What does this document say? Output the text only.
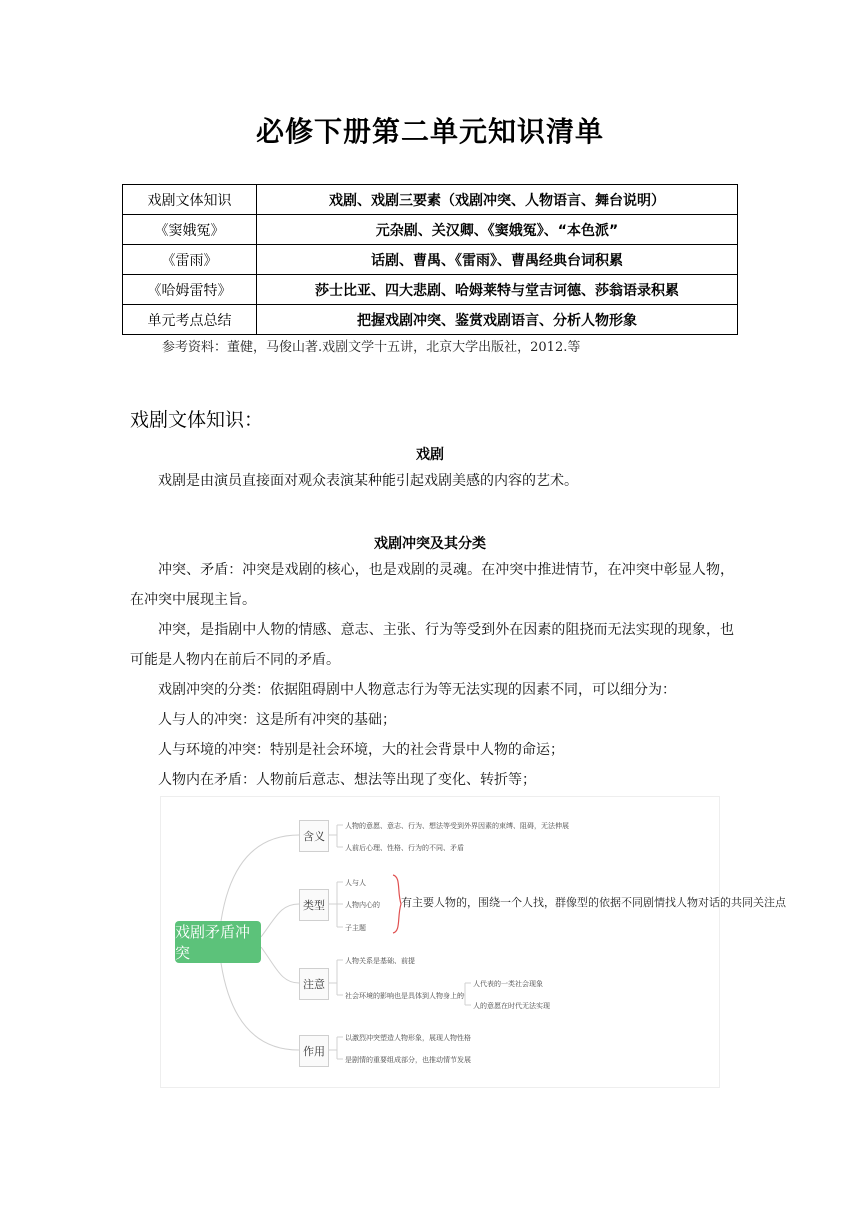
必修下册第二单元知识清单
戏剧文体知识	戏剧、戏剧三要素（戏剧冲突、人物语言、舞台说明）
《窦娥冤》	元杂剧、关汉卿、《窦娥冤》、“本色派”
《雷雨》	话剧、曹禺、《雷雨》、曹禺经典台词积累
《哈姆雷特》	莎士比亚、四大悲剧、哈姆莱特与堂吉诃德、莎翁语录积累
单元考点总结	把握戏剧冲突、鉴赏戏剧语言、分析人物形象
参考资料：董健，马俊山著.戏剧文学十五讲，北京大学出版社，2012.等
戏剧文体知识：
戏剧
戏剧是由演员直接面对观众表演某种能引起戏剧美感的内容的艺术。
戏剧冲突及其分类
冲突、矛盾：冲突是戏剧的核心，也是戏剧的灵魂。在冲突中推进情节，在冲突中彰显人物，在冲突中展现主旨。
冲突，是指剧中人物的情感、意志、主张、行为等受到外在因素的阻挠而无法实现的现象，也可能是人物内在前后不同的矛盾。
戏剧冲突的分类：依据阻碍剧中人物意志行为等无法实现的因素不同，可以细分为：
人与人的冲突：这是所有冲突的基础；
人与环境的冲突：特别是社会环境，大的社会背景中人物的命运；
人物内在矛盾：人物前后意志、想法等出现了变化、转折等；
戏剧矛盾冲突
含义
类型
注意
作用
人物的意愿、意志、行为、想法等受到外界因素的束缚、阻碍，无法伸展
人前后心理、性格、行为的不同、矛盾
人与人
人物内心的
子主题
有主要人物的，围绕一个人找，群像型的依据不同剧情找人物对话的共同关注点
人物关系是基础、前提
社会环境的影响也是具体到人物身上的
人代表的一类社会现象
人的意愿在时代无法实现
以激烈冲突塑造人物形象，展现人物性格
是剧情的重要组成部分，也推动情节发展
